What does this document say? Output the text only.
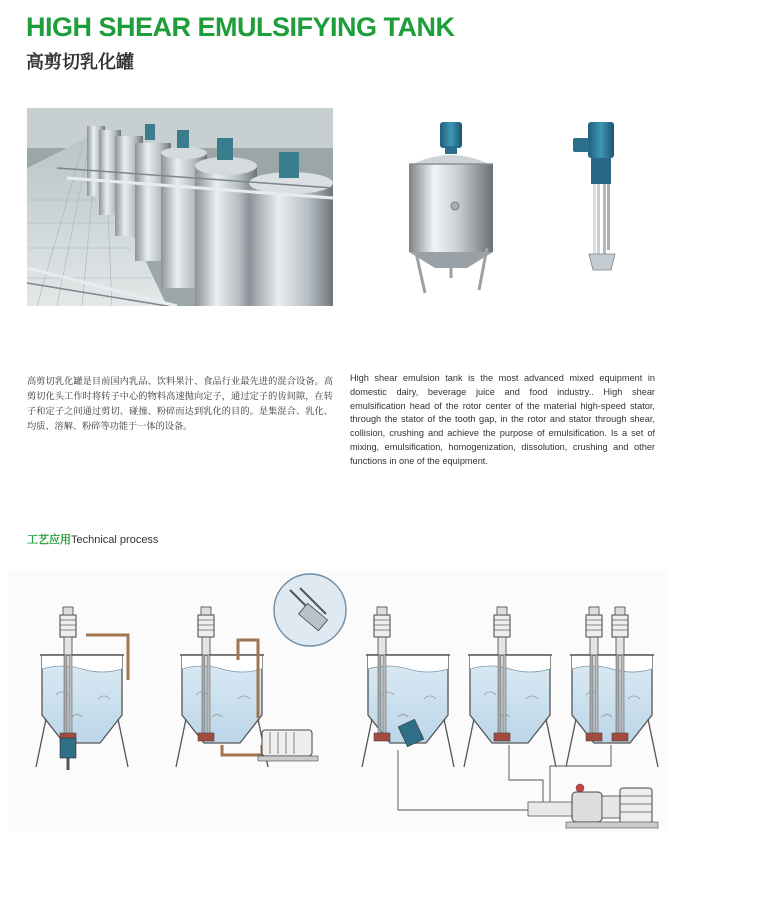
HIGH SHEAR EMULSIFYING TANK
高剪切乳化罐
高剪切乳化罐是目前国内乳品、饮料果汁、食品行业最先进的混合设备。高剪切化头工作时将转子中心的物料高速抛向定子，通过定子的齿间隙，在转子和定子之间通过剪切、碰撞、粉碎而达到乳化的目的。是集混合、乳化、均质、溶解、粉碎等功能于一体的设备。
High shear emulsion tank is the most advanced mixed equipment in domestic dairy, beverage juice and food industry.. High shear emulsification head of the rotor center of the material high-speed stator, through the stator of the tooth gap, in the rotor and stator through shear, collision, crushing and achieve the purpose of emulsification. Is a set of mixing, emulsification, homogenization, dissolution, crushing and other functions in one of the equipment.
工艺应用Technical process
